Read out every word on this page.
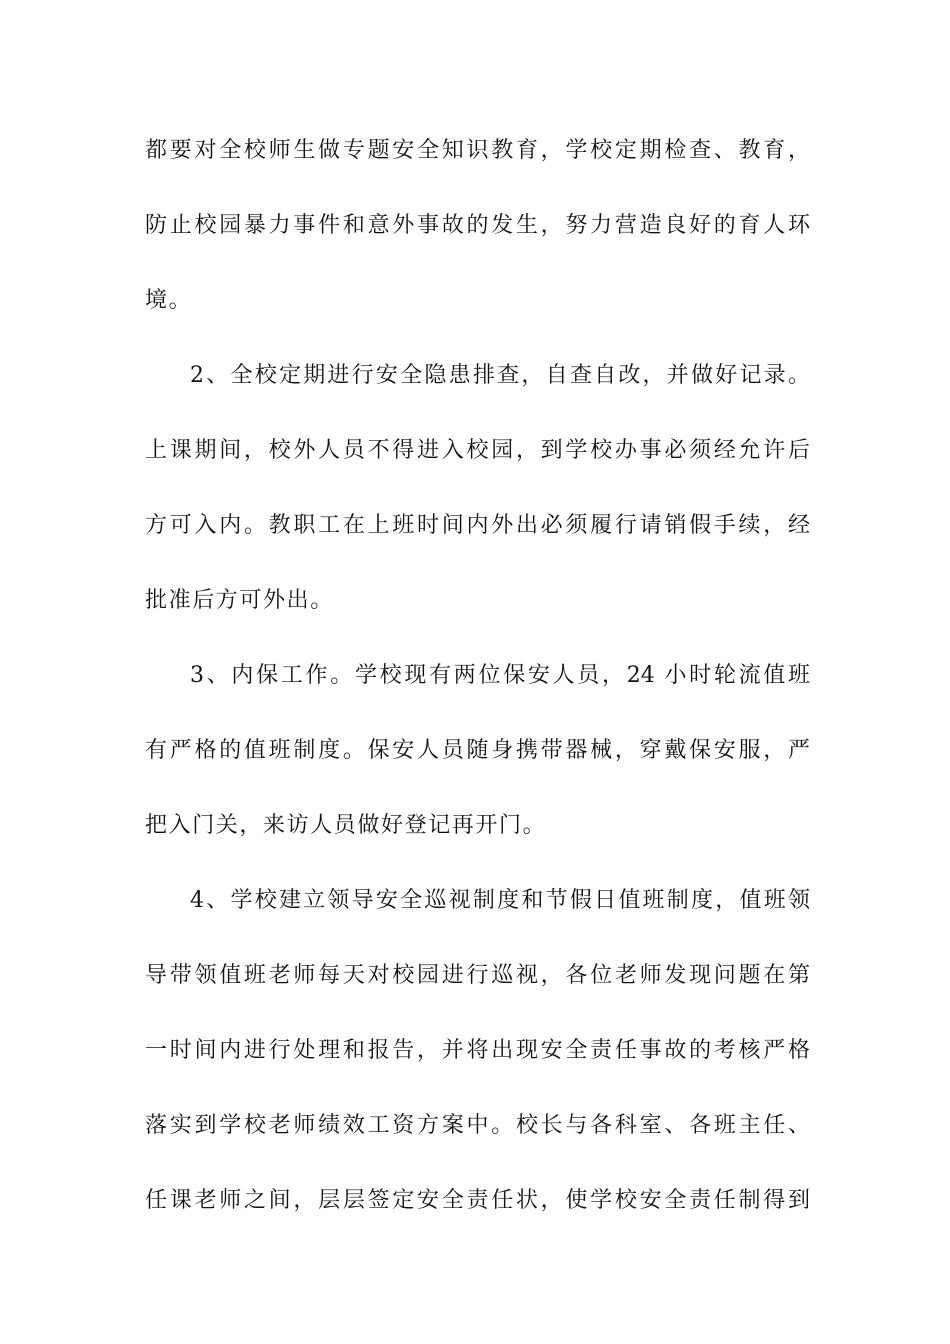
都要对全校师生做专题安全知识教育，学校定期检查、教育，
防止校园暴力事件和意外事故的发生，努力营造良好的育人环
境。
2、全校定期进行安全隐患排查，自查自改，并做好记录。
上课期间，校外人员不得进入校园，到学校办事必须经允许后
方可入内。教职工在上班时间内外出必须履行请销假手续，经
批准后方可外出。
3、内保工作。学校现有两位保安人员，24 小时轮流值班
有严格的值班制度。保安人员随身携带器械，穿戴保安服，严
把入门关，来访人员做好登记再开门。
4、学校建立领导安全巡视制度和节假日值班制度，值班领
导带领值班老师每天对校园进行巡视，各位老师发现问题在第
一时间内进行处理和报告，并将出现安全责任事故的考核严格
落实到学校老师绩效工资方案中。校长与各科室、各班主任、
任课老师之间，层层签定安全责任状，使学校安全责任制得到
